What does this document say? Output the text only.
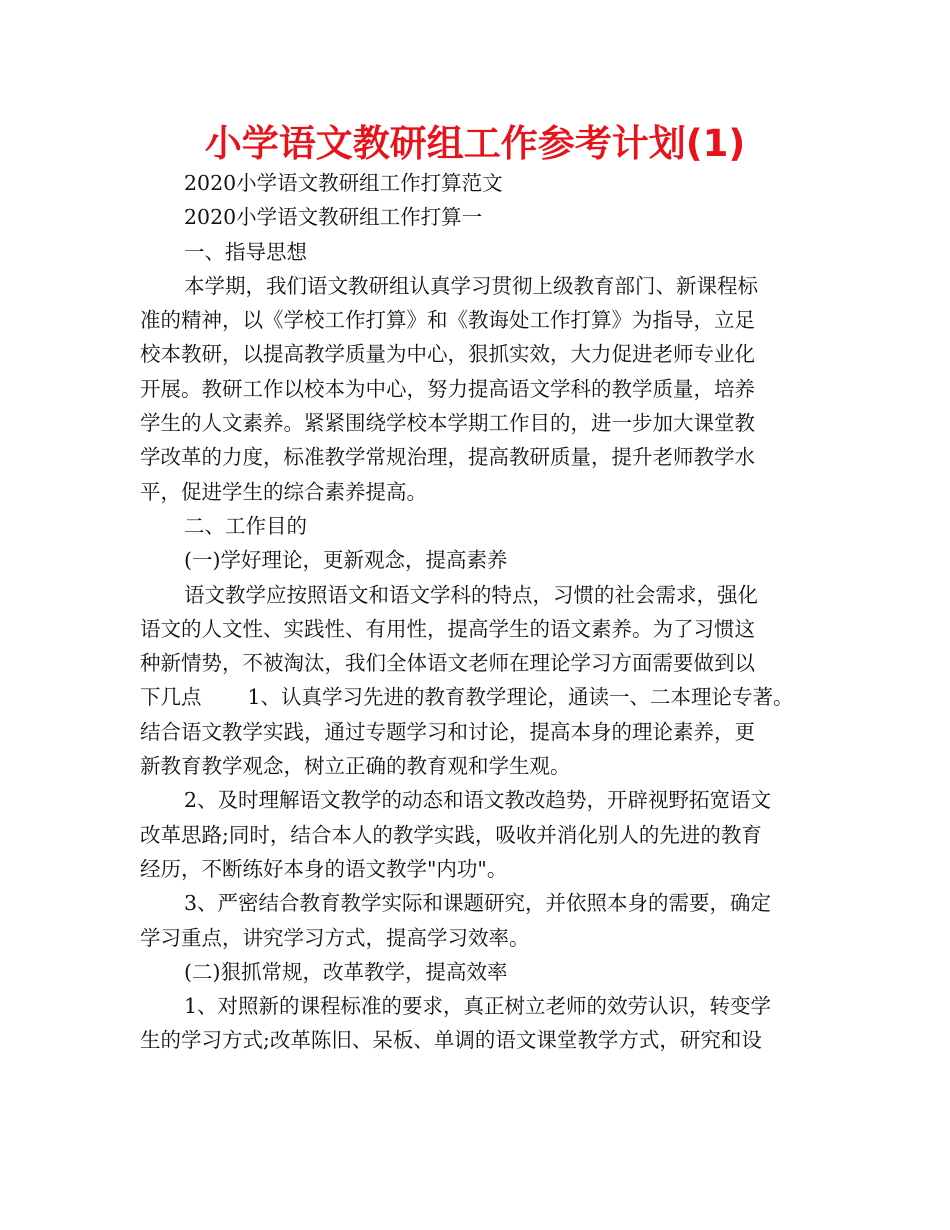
小学语文教研组工作参考计划(1)
2020小学语文教研组工作打算范文
2020小学语文教研组工作打算一
一、指导思想
本学期，我们语文教研组认真学习贯彻上级教育部门、新课程标
准的精神，以《学校工作打算》和《教诲处工作打算》为指导，立足
校本教研，以提高教学质量为中心，狠抓实效，大力促进老师专业化
开展。教研工作以校本为中心，努力提高语文学科的教学质量，培养
学生的人文素养。紧紧围绕学校本学期工作目的，进一步加大课堂教
学改革的力度，标准教学常规治理，提高教研质量，提升老师教学水
平，促进学生的综合素养提高。
二、工作目的
(一)学好理论，更新观念，提高素养
语文教学应按照语文和语文学科的特点，习惯的社会需求，强化
语文的人文性、实践性、有用性，提高学生的语文素养。为了习惯这
种新情势，不被淘汰，我们全体语文老师在理论学习方面需要做到以
下几点 1、认真学习先进的教育教学理论，通读一、二本理论专著。
结合语文教学实践，通过专题学习和讨论，提高本身的理论素养，更
新教育教学观念，树立正确的教育观和学生观。
2、及时理解语文教学的动态和语文教改趋势，开辟视野拓宽语文
改革思路;同时，结合本人的教学实践，吸收并消化别人的先进的教育
经历，不断练好本身的语文教学"内功"。
3、严密结合教育教学实际和课题研究，并依照本身的需要，确定
学习重点，讲究学习方式，提高学习效率。
(二)狠抓常规，改革教学，提高效率
1、对照新的课程标准的要求，真正树立老师的效劳认识，转变学
生的学习方式;改革陈旧、呆板、单调的语文课堂教学方式，研究和设
